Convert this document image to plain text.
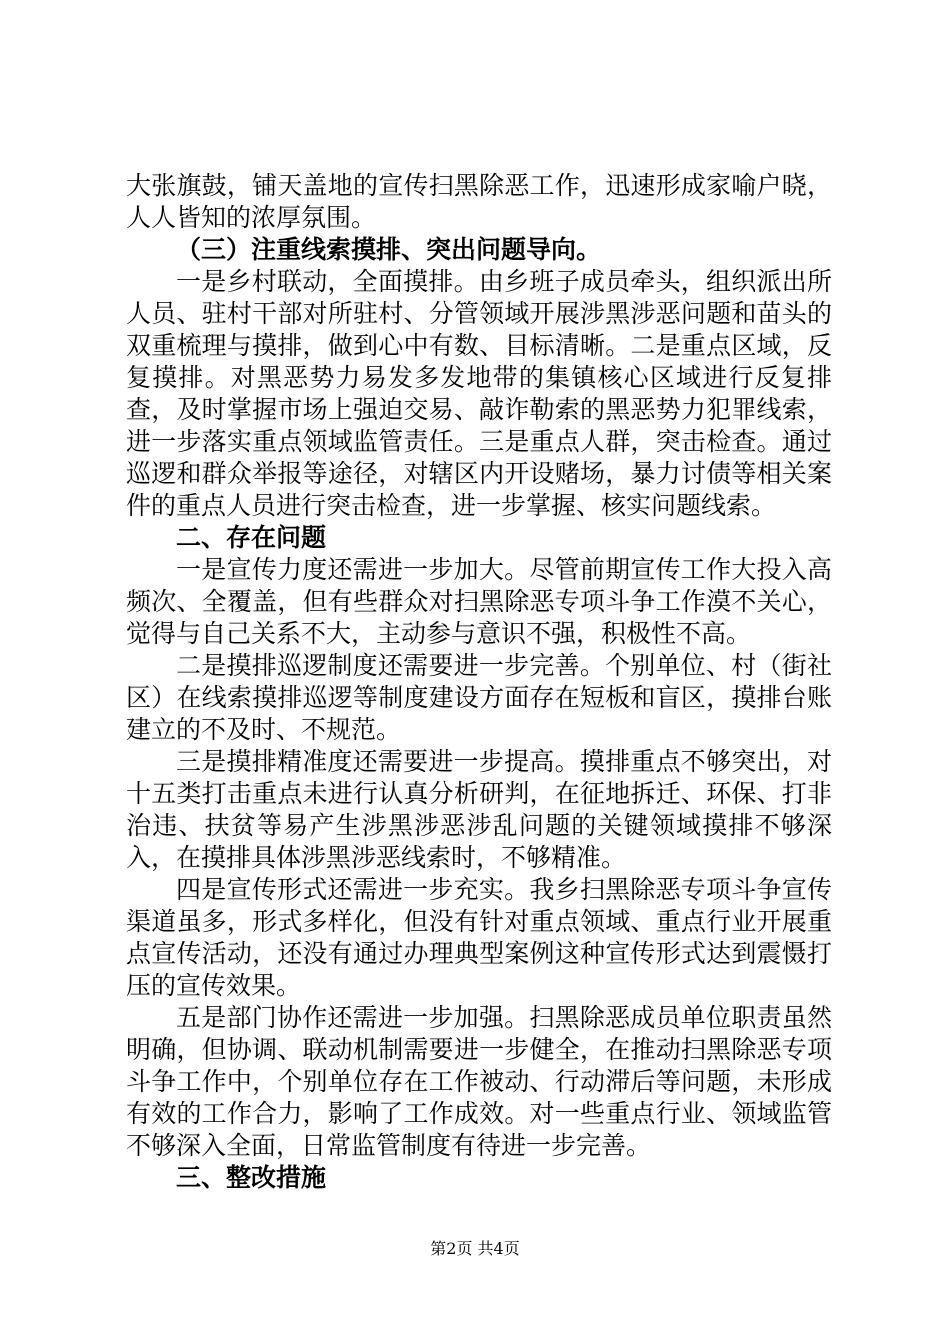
大张旗鼓，铺天盖地的宣传扫黑除恶工作，迅速形成家喻户晓，人人皆知的浓厚氛围。

（三）注重线索摸排、突出问题导向。

一是乡村联动，全面摸排。由乡班子成员牵头，组织派出所人员、驻村干部对所驻村、分管领域开展涉黑涉恶问题和苗头的双重梳理与摸排，做到心中有数、目标清晰。二是重点区域，反复摸排。对黑恶势力易发多发地带的集镇核心区域进行反复排查，及时掌握市场上强迫交易、敲诈勒索的黑恶势力犯罪线索，进一步落实重点领域监管责任。三是重点人群，突击检查。通过巡逻和群众举报等途径，对辖区内开设赌场，暴力讨债等相关案件的重点人员进行突击检查，进一步掌握、核实问题线索。

二、存在问题

一是宣传力度还需进一步加大。尽管前期宣传工作大投入高频次、全覆盖，但有些群众对扫黑除恶专项斗争工作漠不关心，觉得与自己关系不大，主动参与意识不强，积极性不高。

二是摸排巡逻制度还需要进一步完善。个别单位、村（街社区）在线索摸排巡逻等制度建设方面存在短板和盲区，摸排台账建立的不及时、不规范。

三是摸排精准度还需要进一步提高。摸排重点不够突出，对十五类打击重点未进行认真分析研判，在征地拆迁、环保、打非治违、扶贫等易产生涉黑涉恶涉乱问题的关键领域摸排不够深入，在摸排具体涉黑涉恶线索时，不够精准。

四是宣传形式还需进一步充实。我乡扫黑除恶专项斗争宣传渠道虽多，形式多样化，但没有针对重点领域、重点行业开展重点宣传活动，还没有通过办理典型案例这种宣传形式达到震慑打压的宣传效果。

五是部门协作还需进一步加强。扫黑除恶成员单位职责虽然明确，但协调、联动机制需要进一步健全，在推动扫黑除恶专项斗争工作中，个别单位存在工作被动、行动滞后等问题，未形成有效的工作合力，影响了工作成效。对一些重点行业、领域监管不够深入全面，日常监管制度有待进一步完善。

三、整改措施

第2页 共4页
